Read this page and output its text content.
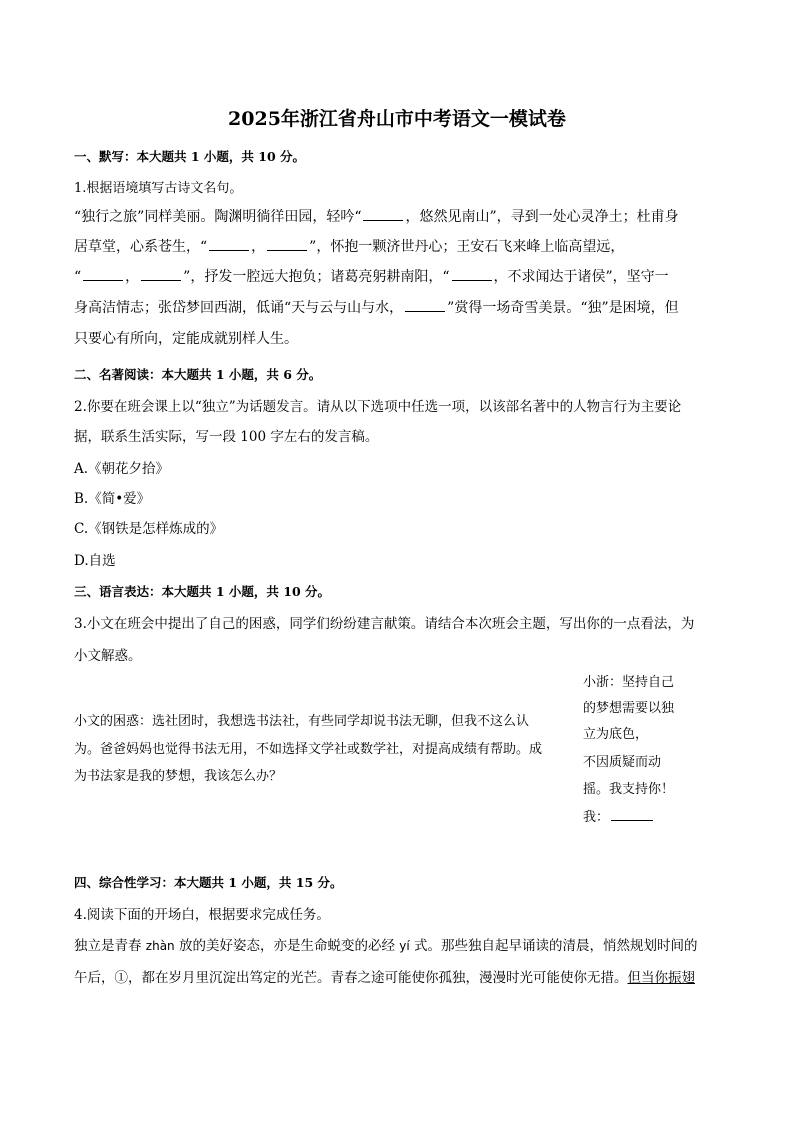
2025年浙江省舟山市中考语文一模试卷
一、默写：本大题共 1 小题，共 10 分。
1.根据语境填写古诗文名句。
“独行之旅”同样美丽。陶渊明徜徉田园，轻吟“	，悠然见南山”，寻到一处心灵净土；杜甫身
居草堂，心系苍生，“	，	”，怀抱一颗济世丹心；王安石飞来峰上临高望远，
“	，	”，抒发一腔远大抱负；诸葛亮躬耕南阳，“	，不求闻达于诸侯”，坚守一
身高洁情志；张岱梦回西湖，低诵“天与云与山与水，	”赏得一场奇雪美景。“独”是困境，但
只要心有所向，定能成就别样人生。
二、名著阅读：本大题共 1 小题，共 6 分。
2.你要在班会课上以“独立”为话题发言。请从以下选项中任选一项，以该部名著中的人物言行为主要论
据，联系生活实际，写一段 100 字左右的发言稿。
A.《朝花夕拾》
B.《简•爱》
C.《钢铁是怎样炼成的》
D.自选
三、语言表达：本大题共 1 小题，共 10 分。
3.小文在班会中提出了自己的困惑，同学们纷纷建言献策。请结合本次班会主题，写出你的一点看法，为
小文解惑。
小文的困惑：选社团时，我想选书法社，有些同学却说书法无聊，但我不这么认
为。爸爸妈妈也觉得书法无用，不如选择文学社或数学社，对提高成绩有帮助。成
为书法家是我的梦想，我该怎么办？
小浙：坚持自己
的梦想需要以独
立为底色，
不因质疑而动
摇。我支持你！
我：
四、综合性学习：本大题共 1 小题，共 15 分。
4.阅读下面的开场白，根据要求完成任务。
独立是青春 zhàn 放的美好姿态，亦是生命蜕变的必经 yí 式。那些独自起早诵读的清晨，悄然规划时间的
午后，①，都在岁月里沉淀出笃定的光芒。青春之途可能使你孤独，漫漫时光可能使你无措。但当你振翅
